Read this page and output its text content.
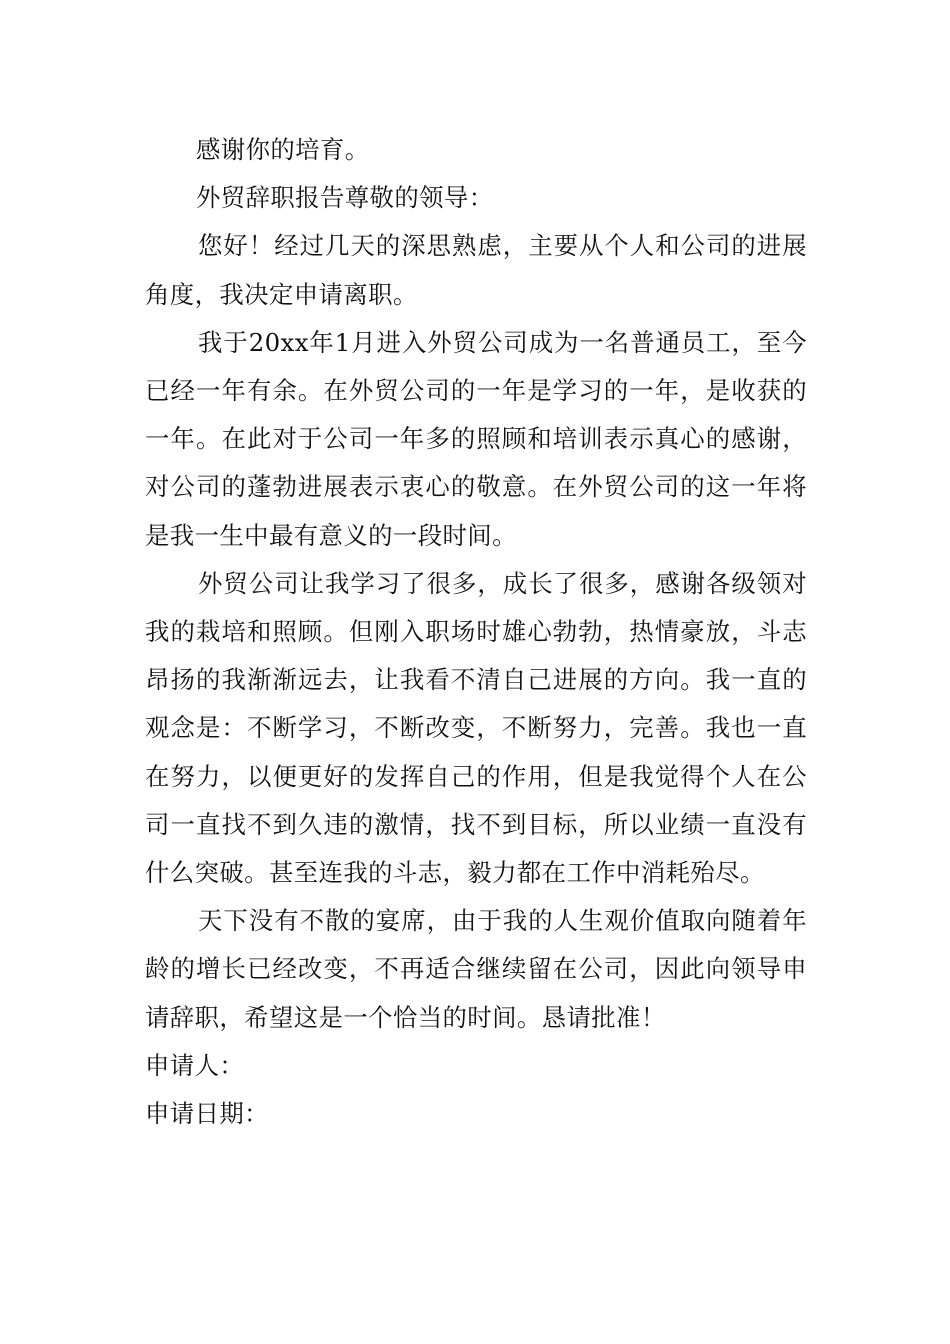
感谢你的培育。

外贸辞职报告尊敬的领导：

您好！经过几天的深思熟虑，主要从个人和公司的进展角度，我决定申请离职。

我于20xx年1月进入外贸公司成为一名普通员工，至今已经一年有余。在外贸公司的一年是学习的一年，是收获的一年。在此对于公司一年多的照顾和培训表示真心的感谢，对公司的蓬勃进展表示衷心的敬意。在外贸公司的这一年将是我一生中最有意义的一段时间。

外贸公司让我学习了很多，成长了很多，感谢各级领对我的栽培和照顾。但刚入职场时雄心勃勃，热情豪放，斗志昂扬的我渐渐远去，让我看不清自己进展的方向。我一直的观念是：不断学习，不断改变，不断努力，完善。我也一直在努力，以便更好的发挥自己的作用，但是我觉得个人在公司一直找不到久违的激情，找不到目标，所以业绩一直没有什么突破。甚至连我的斗志，毅力都在工作中消耗殆尽。

天下没有不散的宴席，由于我的人生观价值取向随着年龄的增长已经改变，不再适合继续留在公司，因此向领导申请辞职，希望这是一个恰当的时间。恳请批准！

申请人：

申请日期：
